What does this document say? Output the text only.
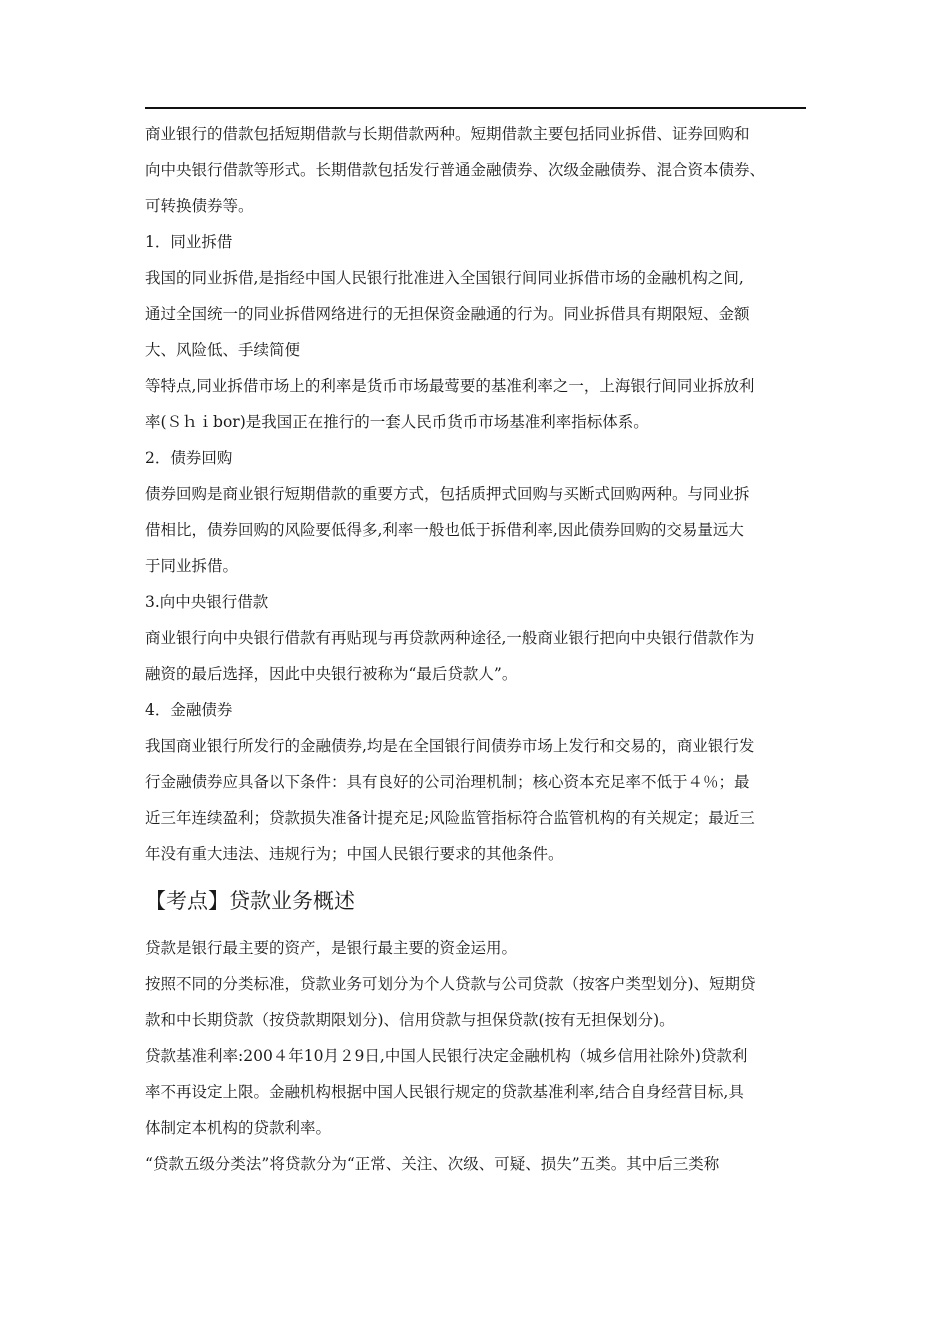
商业银行的借款包括短期借款与长期借款两种。短期借款主要包括同业拆借、证券回购和

向中央银行借款等形式。长期借款包括发行普通金融债券、次级金融债券、混合资本债券、

可转换债券等。

1．同业拆借

我国的同业拆借,是指经中国人民银行批准进入全国银行间同业拆借市场的金融机构之间,

通过全国统一的同业拆借网络进行的无担保资金融通的行为。同业拆借具有期限短、金额

大、风险低、手续简便

等特点,同业拆借市场上的利率是货币市场最莺要的基准利率之一，上海银行间同业拆放利

率(Ｓｈｉbor)是我国正在推行的一套人民币货币市场基准利率指标体系。

2．债券回购

债券回购是商业银行短期借款的重要方式，包括质押式回购与买断式回购两种。与同业拆

借相比，债券回购的风险要低得多,利率一般也低于拆借利率,因此债券回购的交易量远大

于同业拆借。

3.向中央银行借款

商业银行向中央银行借款有再贴现与再贷款两种途径,一般商业银行把向中央银行借款作为

融资的最后选择，因此中央银行被称为“最后贷款人”。

4．金融债券

我国商业银行所发行的金融债券,均是在全国银行间债券市场上发行和交易的，商业银行发

行金融债券应具备以下条件：具有良好的公司治理机制；核心资本充足率不低于４％；最

近三年连续盈利；贷款损失准备计提充足;风险监管指标符合监管机构的有关规定；最近三

年没有重大违法、违规行为；中国人民银行要求的其他条件。

【考点】贷款业务概述

贷款是银行最主要的资产，是银行最主要的资金运用。

按照不同的分类标准，贷款业务可划分为个人贷款与公司贷款（按客户类型划分)、短期贷

款和中长期贷款（按贷款期限划分)、信用贷款与担保贷款(按有无担保划分)。

贷款基准利率:200４年10月２9日,中国人民银行决定金融机构（城乡信用社除外)贷款利

率不再设定上限。金融机构根据中国人民银行规定的贷款基准利率,结合自身经营目标,具

体制定本机构的贷款利率。

“贷款五级分类法”将贷款分为“正常、关注、次级、可疑、损失”五类。其中后三类称
